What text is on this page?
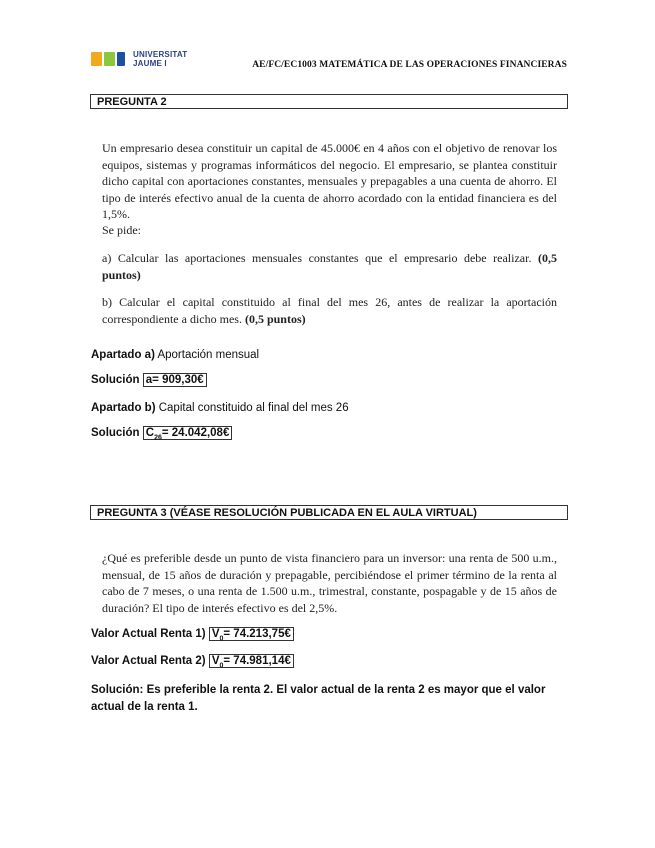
UNIVERSITAT
JAUME I	AE/FC/EC1003 MATEMÁTICA DE LAS OPERACIONES FINANCIERAS
PREGUNTA 2
Un empresario desea constituir un capital de 45.000€ en 4 años con el objetivo de renovar los equipos, sistemas y programas informáticos del negocio. El empresario, se plantea constituir dicho capital con aportaciones constantes, mensuales y prepagables a una cuenta de ahorro. El tipo de interés efectivo anual de la cuenta de ahorro acordado con la entidad financiera es del 1,5%.
Se pide:
a) Calcular las aportaciones mensuales constantes que el empresario debe realizar. (0,5 puntos)
b) Calcular el capital constituido al final del mes 26, antes de realizar la aportación correspondiente a dicho mes. (0,5 puntos)
Apartado a) Aportación mensual
Solución a= 909,30€
Apartado b) Capital constituido al final del mes 26
Solución $C_{26}=$ 24.042,08€
PREGUNTA 3 (VÉASE RESOLUCIÓN PUBLICADA EN EL AULA VIRTUAL)
¿Qué es preferible desde un punto de vista financiero para un inversor: una renta de 500 u.m., mensual, de 15 años de duración y prepagable, percibiéndose el primer término de la renta al cabo de 7 meses, o una renta de 1.500 u.m., trimestral, constante, pospagable y de 15 años de duración? El tipo de interés efectivo es del 2,5%.
Valor Actual Renta 1) $V_0=$ 74.213,75€
Valor Actual Renta 2) $V_0=$ 74.981,14€
Solución: Es preferible la renta 2. El valor actual de la renta 2 es mayor que el valor actual de la renta 1.
